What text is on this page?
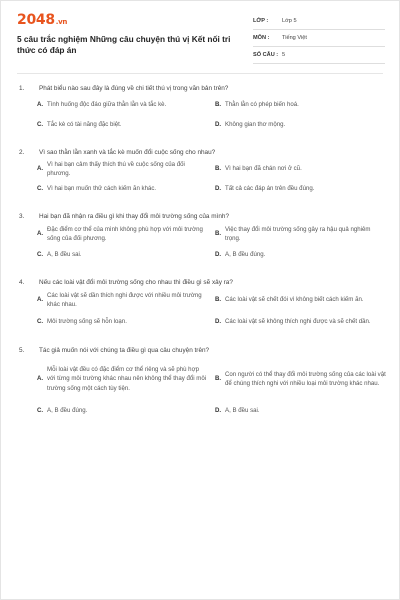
2048.vn
5 câu trắc nghiệm Những câu chuyện thú vị Kết nối tri thức có đáp án
LỚP :	Lớp 5
MÔN :	Tiếng Việt
SỐ CÂU : 5
1.	Phát biểu nào sau đây là đúng về chi tiết thú vị trong văn bản trên?
A. Tình huống độc đáo giữa thằn lằn và tắc kè.	B. Thằn lằn có phép biến hoá.
C. Tắc kè có tài năng đặc biệt.	D. Không gian thơ mộng.
2.	Vì sao thằn lằn xanh và tắc kè muốn đổi cuộc sống cho nhau?
A.
Vì hai bạn cảm thấy thích thú về cuộc sống của đối phương.
B. Vì hai bạn đã chán nơi ở cũ.
C. Vì hai bạn muốn thử cách kiếm ăn khác.	D. Tất cả các đáp án trên đều đúng.
3.	Hai bạn đã nhận ra điều gì khi thay đổi môi trường sống của mình?
A.
Đặc điểm cơ thể của mình không phù hợp với môi trường sống của đối phương.
B.
Việc thay đổi môi trường sống gây ra hậu quả nghiêm trọng.
C. A, B đều sai.	D. A, B đều đúng.
4.	Nếu các loài vật đổi môi trường sống cho nhau thì điều gì sẽ xảy ra?
A.
Các loài vật sẽ dần thích nghi được với nhiều môi trường khác nhau.
B. Các loài vật sẽ chết đói vì không biết cách kiếm ăn.
C. Môi trường sống sẽ hỗn loạn.	D. Các loài vật sẽ không thích nghi được và sẽ chết dần.
5.	Tác giả muốn nói với chúng ta điều gì qua câu chuyện trên?
A.
Mỗi loài vật đều có đặc điểm cơ thể riêng và sẽ phù hợp với từng môi trường khác nhau nên không thể thay đổi môi trường sống một cách tùy tiện.
B.
Con người có thể thay đổi môi trường sống của các loài vật để chúng thích nghi với nhiều loại môi trường khác nhau.
C. A, B đều đúng.	D. A, B đều sai.
